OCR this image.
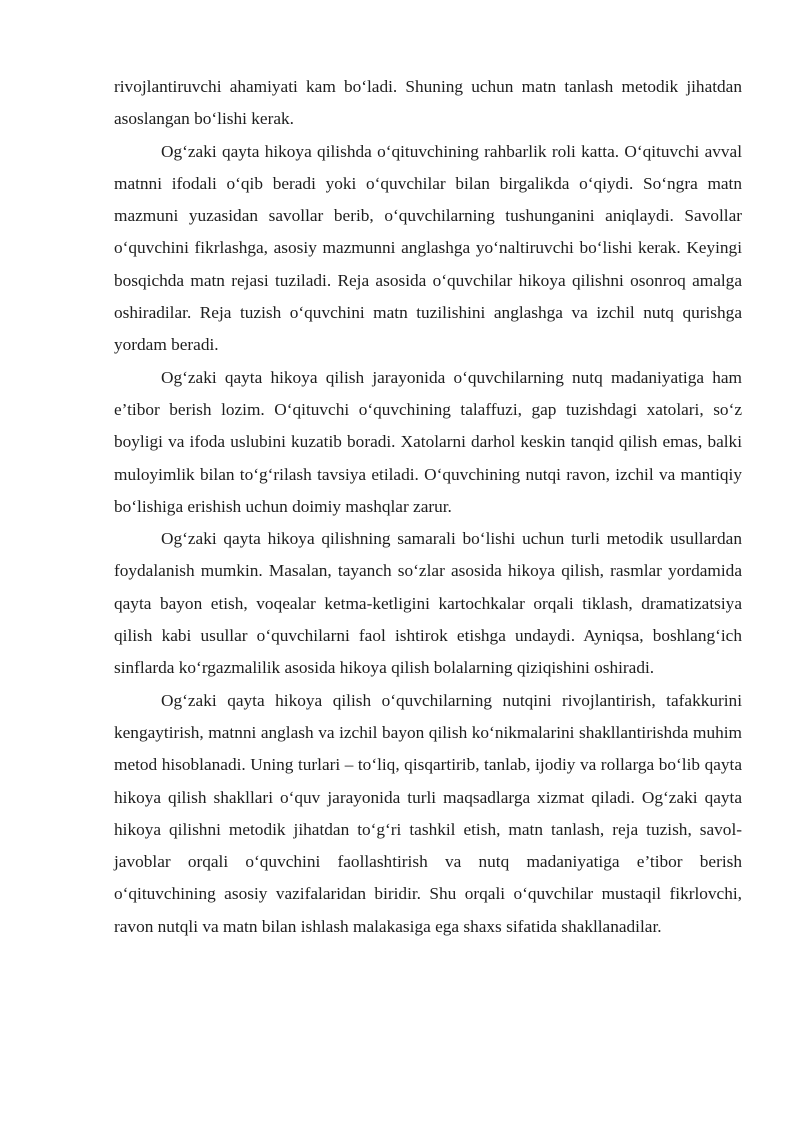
rivojlantiruvchi ahamiyati kam bo‘ladi. Shuning uchun matn tanlash metodik jihatdan asoslangan bo‘lishi kerak.

Og‘zaki qayta hikoya qilishda o‘qituvchining rahbarlik roli katta. O‘qituvchi avval matnni ifodali o‘qib beradi yoki o‘quvchilar bilan birgalikda o‘qiydi. So‘ngra matn mazmuni yuzasidan savollar berib, o‘quvchilarning tushunganini aniqlaydi. Savollar o‘quvchini fikrlashga, asosiy mazmunni anglashga yo‘naltiruvchi bo‘lishi kerak. Keyingi bosqichda matn rejasi tuziladi. Reja asosida o‘quvchilar hikoya qilishni osonroq amalga oshiradilar. Reja tuzish o‘quvchini matn tuzilishini anglashga va izchil nutq qurishga yordam beradi.

Og‘zaki qayta hikoya qilish jarayonida o‘quvchilarning nutq madaniyatiga ham e’tibor berish lozim. O‘qituvchi o‘quvchining talaffuzi, gap tuzishdagi xatolari, so‘z boyligi va ifoda uslubini kuzatib boradi. Xatolarni darhol keskin tanqid qilish emas, balki muloyimlik bilan to‘g‘rilash tavsiya etiladi. O‘quvchining nutqi ravon, izchil va mantiqiy bo‘lishiga erishish uchun doimiy mashqlar zarur.

Og‘zaki qayta hikoya qilishning samarali bo‘lishi uchun turli metodik usullardan foydalanish mumkin. Masalan, tayanch so‘zlar asosida hikoya qilish, rasmlar yordamida qayta bayon etish, voqealar ketma-ketligini kartochkalar orqali tiklash, dramatizatsiya qilish kabi usullar o‘quvchilarni faol ishtirok etishga undaydi. Ayniqsa, boshlang‘ich sinflarda ko‘rgazmalilik asosida hikoya qilish bolalarning qiziqishini oshiradi.

Og‘zaki qayta hikoya qilish o‘quvchilarning nutqini rivojlantirish, tafakkurini kengaytirish, matnni anglash va izchil bayon qilish ko‘nikmalarini shakllantirishda muhim metod hisoblanadi. Uning turlari – to‘liq, qisqartirib, tanlab, ijodiy va rollarga bo‘lib qayta hikoya qilish shakllari o‘quv jarayonida turli maqsadlarga xizmat qiladi. Og‘zaki qayta hikoya qilishni metodik jihatdan to‘g‘ri tashkil etish, matn tanlash, reja tuzish, savol-javoblar orqali o‘quvchini faollashtirish va nutq madaniyatiga e’tibor berish o‘qituvchining asosiy vazifalaridan biridir. Shu orqali o‘quvchilar mustaqil fikrlovchi, ravon nutqli va matn bilan ishlash malakasiga ega shaxs sifatida shakllanadilar.
